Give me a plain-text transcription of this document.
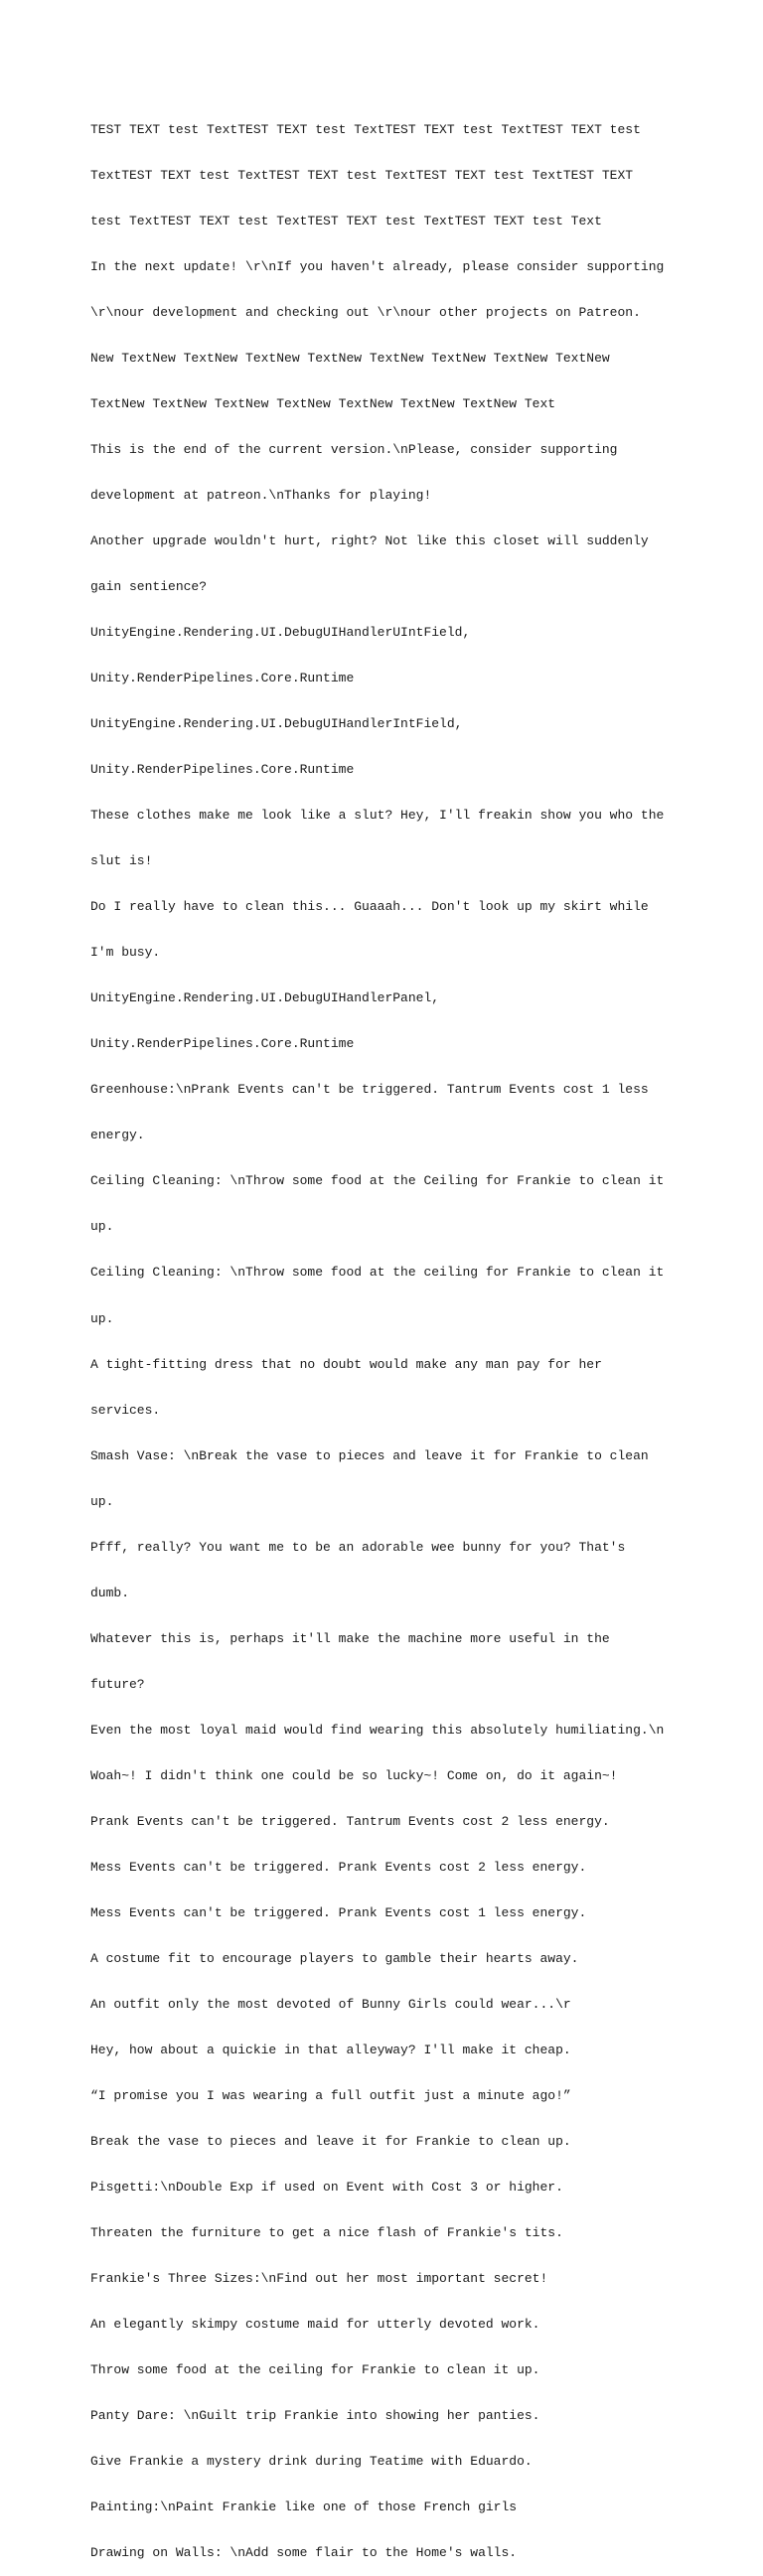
TEST TEXT test TextTEST TEXT test TextTEST TEXT test TextTEST TEXT test

TextTEST TEXT test TextTEST TEXT test TextTEST TEXT test TextTEST TEXT

test TextTEST TEXT test TextTEST TEXT test TextTEST TEXT test Text

In the next update! \r\nIf you haven't already, please consider supporting

\r\nour development and checking out \r\nour other projects on Patreon.

New TextNew TextNew TextNew TextNew TextNew TextNew TextNew TextNew

TextNew TextNew TextNew TextNew TextNew TextNew TextNew Text

This is the end of the current version.\nPlease, consider supporting

development at patreon.\nThanks for playing!

Another upgrade wouldn't hurt, right? Not like this closet will suddenly

gain sentience?

UnityEngine.Rendering.UI.DebugUIHandlerUIntField,

Unity.RenderPipelines.Core.Runtime

UnityEngine.Rendering.UI.DebugUIHandlerIntField,

Unity.RenderPipelines.Core.Runtime

These clothes make me look like a slut? Hey, I'll freakin show you who the

slut is!

Do I really have to clean this... Guaaah... Don't look up my skirt while

I'm busy.

UnityEngine.Rendering.UI.DebugUIHandlerPanel,

Unity.RenderPipelines.Core.Runtime

Greenhouse:\nPrank Events can't be triggered. Tantrum Events cost 1 less

energy.

Ceiling Cleaning: \nThrow some food at the Ceiling for Frankie to clean it

up.

Ceiling Cleaning: \nThrow some food at the ceiling for Frankie to clean it

up.

A tight-fitting dress that no doubt would make any man pay for her

services.

Smash Vase: \nBreak the vase to pieces and leave it for Frankie to clean

up.

Pfff, really? You want me to be an adorable wee bunny for you? That's

dumb.

Whatever this is, perhaps it'll make the machine more useful in the

future?

Even the most loyal maid would find wearing this absolutely humiliating.\n

Woah~! I didn't think one could be so lucky~! Come on, do it again~!

Prank Events can't be triggered. Tantrum Events cost 2 less energy.

Mess Events can't be triggered. Prank Events cost 2 less energy.

Mess Events can't be triggered. Prank Events cost 1 less energy.

A costume fit to encourage players to gamble their hearts away.

An outfit only the most devoted of Bunny Girls could wear...\r

Hey, how about a quickie in that alleyway? I'll make it cheap.

“I promise you I was wearing a full outfit just a minute ago!”

Break the vase to pieces and leave it for Frankie to clean up.

Pisgetti:\nDouble Exp if used on Event with Cost 3 or higher.

Threaten the furniture to get a nice flash of Frankie's tits.

Frankie's Three Sizes:\nFind out her most important secret!

An elegantly skimpy costume maid for utterly devoted work.

Throw some food at the ceiling for Frankie to clean it up.

Panty Dare: \nGuilt trip Frankie into showing her panties.

Give Frankie a mystery drink during Teatime with Eduardo.

Painting:\nPaint Frankie like one of those French girls

Drawing on Walls: \nAdd some flair to the Home's walls.
